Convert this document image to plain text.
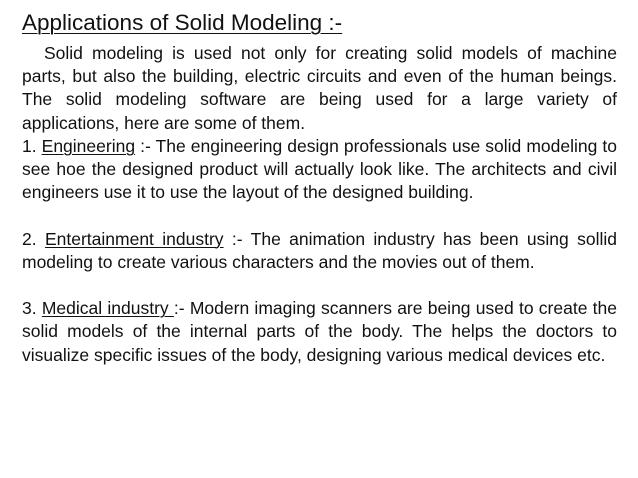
Applications of Solid Modeling :-

Solid modeling is used not only for creating solid models of machine parts, but also the building, electric circuits and even of the human beings. The solid modeling software are being used for a large variety of applications, here are some of them.

1. Engineering :- The engineering design professionals use solid modeling to see hoe the designed product will actually look like. The architects and civil engineers use it to use the layout of the designed building.

2. Entertainment industry :- The animation industry has been using sollid modeling to create various characters and the movies out of them.

3. Medical industry :- Modern imaging scanners are being used to create the solid models of the internal parts of the body. The helps the doctors to visualize specific issues of the body, designing various medical devices etc.
